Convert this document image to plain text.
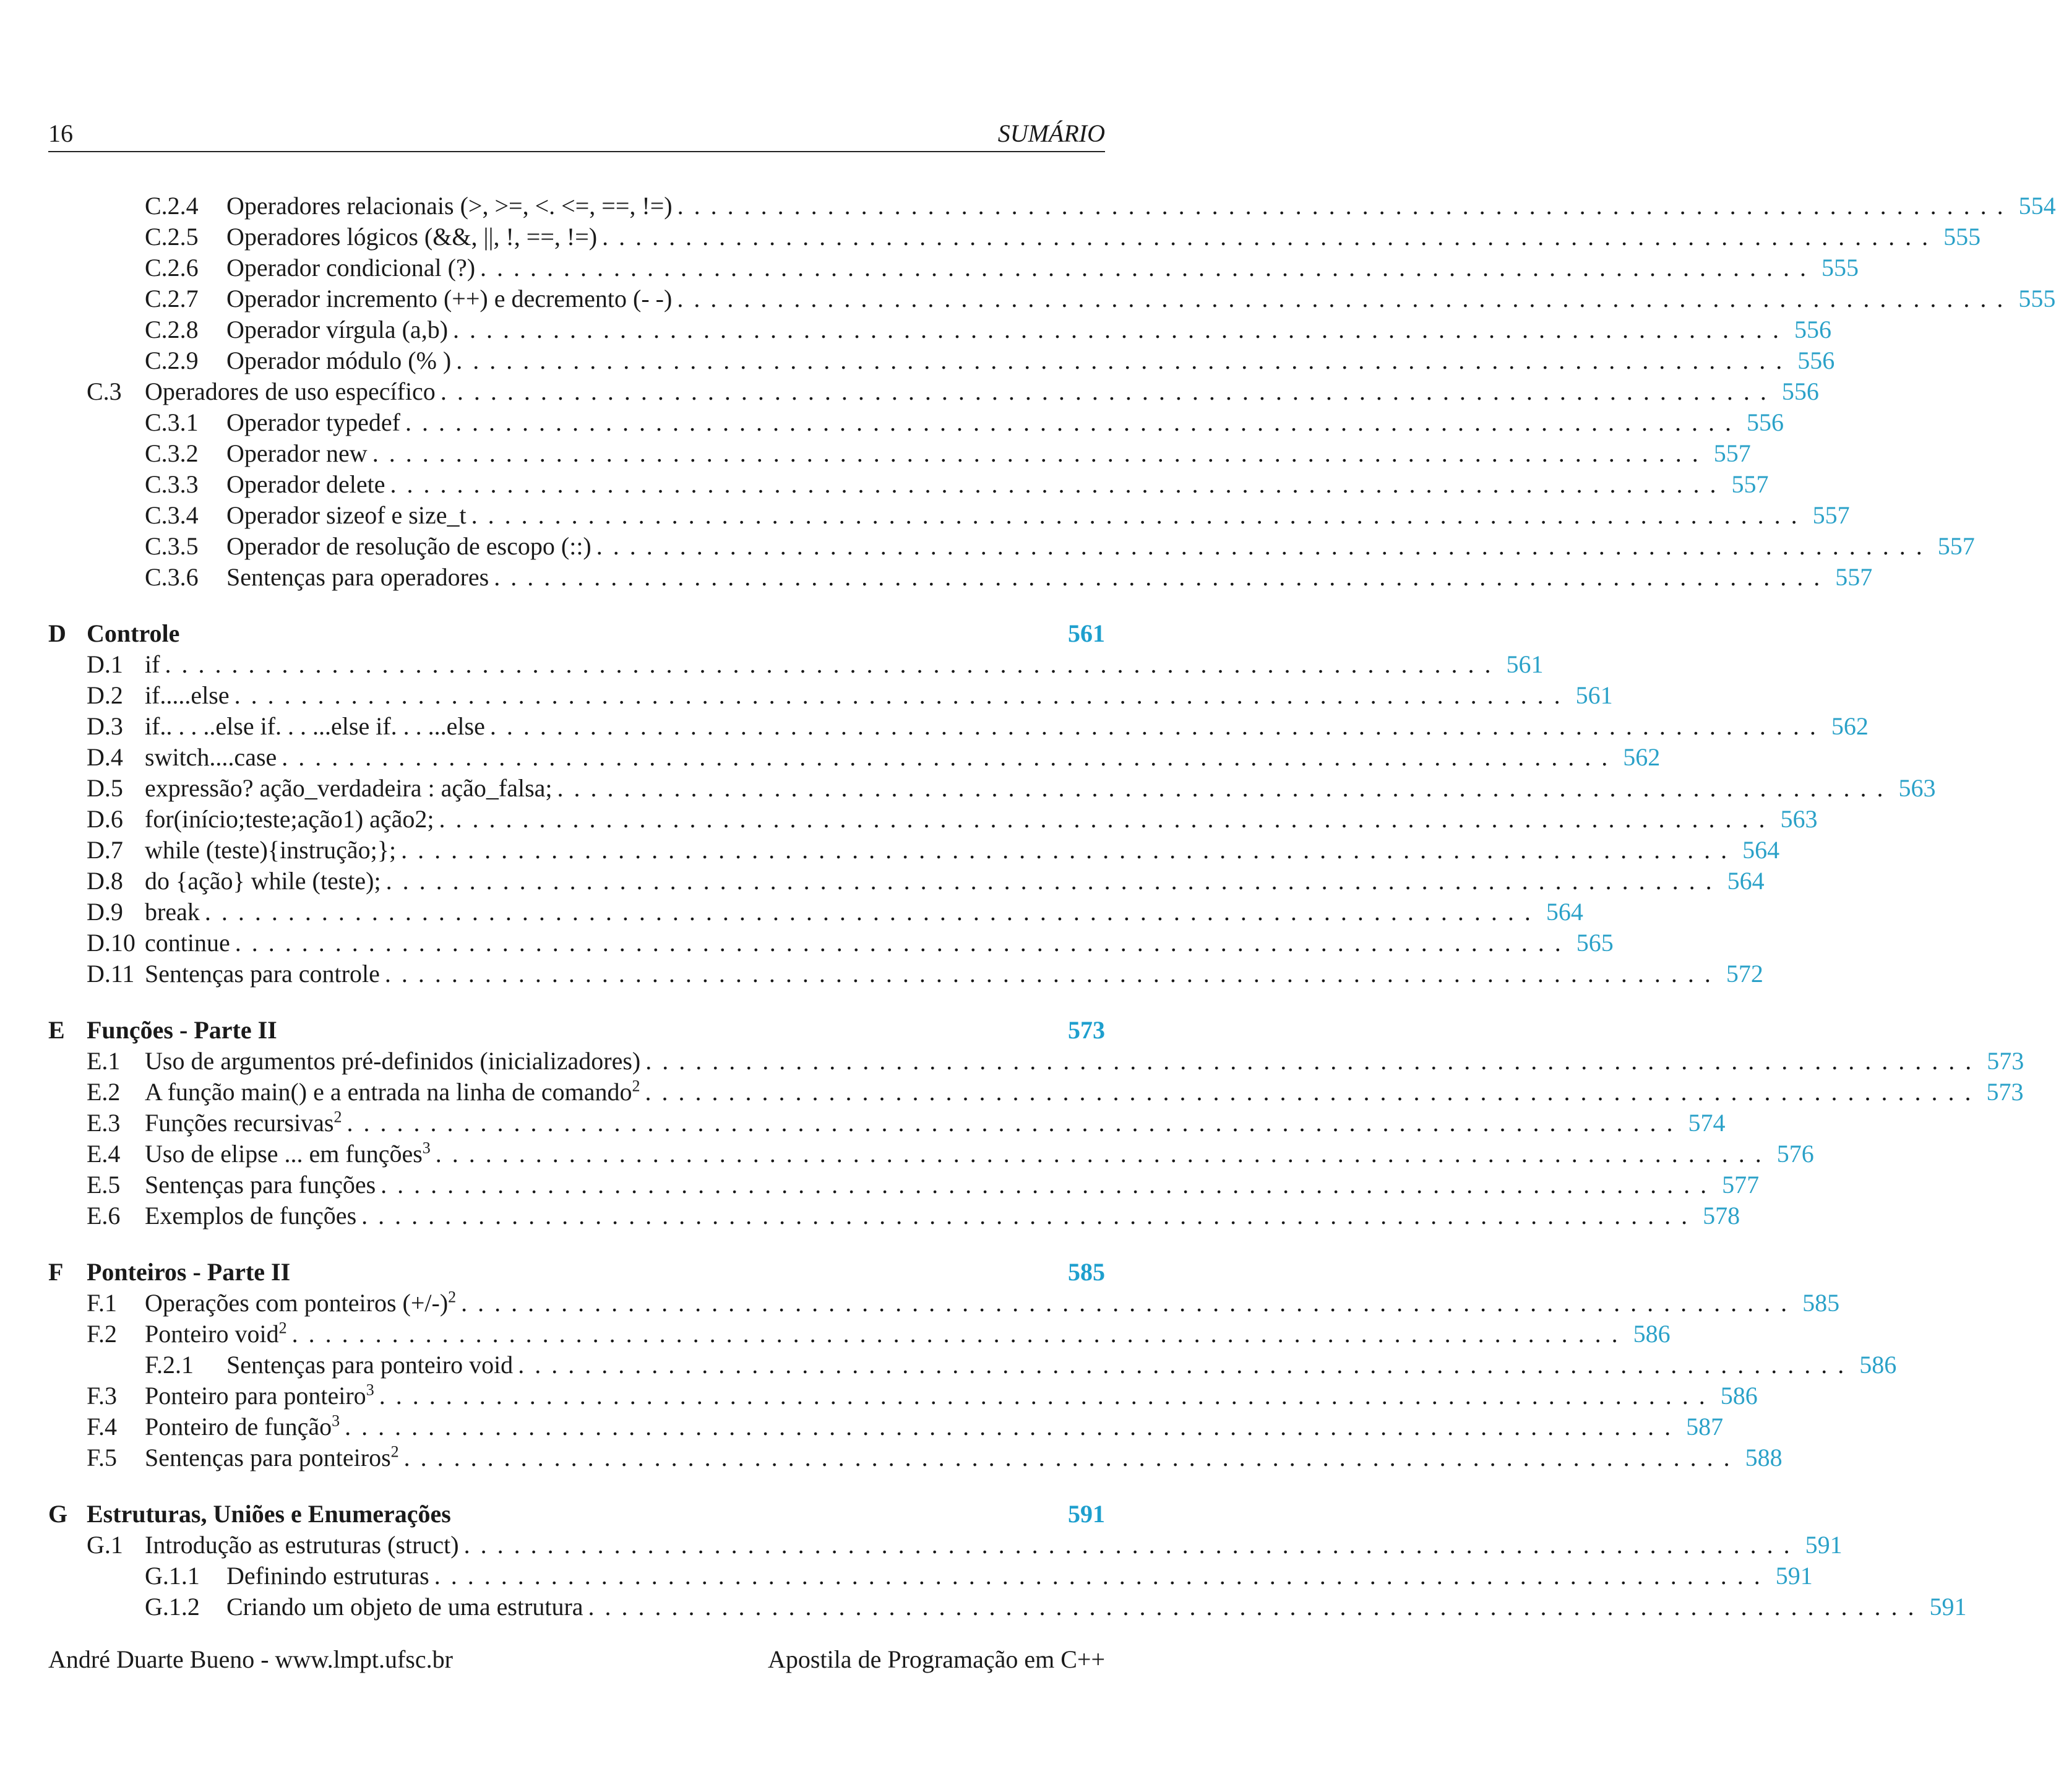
16	SUMÁRIO
C.2.4	Operadores relacionais (>, >=, <. <=, ==, !=) ................................................................................ 554
C.2.5	Operadores lógicos (&&, ||, !, ==, !=) ................................................................................ 555
C.2.6	Operador condicional (?) ................................................................................ 555
C.2.7	Operador incremento (++) e decremento (- -) ................................................................................ 555
C.2.8	Operador vírgula (a,b) ................................................................................ 556
C.2.9	Operador módulo (% ) ................................................................................ 556
C.3 Operadores de uso específico ................................................................................ 556
C.3.1	Operador typedef ................................................................................ 556
C.3.2	Operador new ................................................................................ 557
C.3.3	Operador delete ................................................................................ 557
C.3.4	Operador sizeof e size_t ................................................................................ 557
C.3.5	Operador de resolução de escopo (::) ................................................................................ 557
C.3.6	Sentenças para operadores ................................................................................ 557
D Controle	561
D.1 if ................................................................................ 561
D.2 if.....else ................................................................................ 561
D.3 if.. . . ..else if. . . ...else if. . . ...else ................................................................................ 562
D.4 switch....case ................................................................................ 562
D.5 expressão? ação_verdadeira : ação_falsa; ................................................................................ 563
D.6 for(início;teste;ação1) ação2; ................................................................................ 563
D.7 while (teste){instrução;}; ................................................................................ 564
D.8 do {ação} while (teste); ................................................................................ 564
D.9 break ................................................................................ 564
D.10 continue ................................................................................ 565
D.11 Sentenças para controle ................................................................................ 572
E Funções - Parte II	573
E.1 Uso de argumentos pré-definidos (inicializadores) ................................................................................ 573
E.2 A função main() e a entrada na linha de comando$^2$ ................................................................................ 573
E.3 Funções recursivas$^2$ ................................................................................ 574
E.4 Uso de elipse ... em funções$^3$ ................................................................................ 576
E.5 Sentenças para funções ................................................................................ 577
E.6 Exemplos de funções ................................................................................ 578
F Ponteiros - Parte II	585
F.1	Operações com ponteiros $(+/-)^2$ ................................................................................ 585
F.2	Ponteiro void$^2$ ................................................................................ 586
F.2.1	Sentenças para ponteiro void ................................................................................ 586
F.3	Ponteiro para ponteiro$^3$ ................................................................................ 586
F.4	Ponteiro de função$^3$ ................................................................................ 587
F.5	Sentenças para ponteiros$^2$ ................................................................................ 588
G Estruturas, Uniões e Enumerações	591
G.1 Introdução as estruturas (struct) ................................................................................ 591
G.1.1	Definindo estruturas ................................................................................ 591
G.1.2	Criando um objeto de uma estrutura ................................................................................ 591
André Duarte Bueno - www.lmpt.ufsc.br	Apostila de Programação em C++
